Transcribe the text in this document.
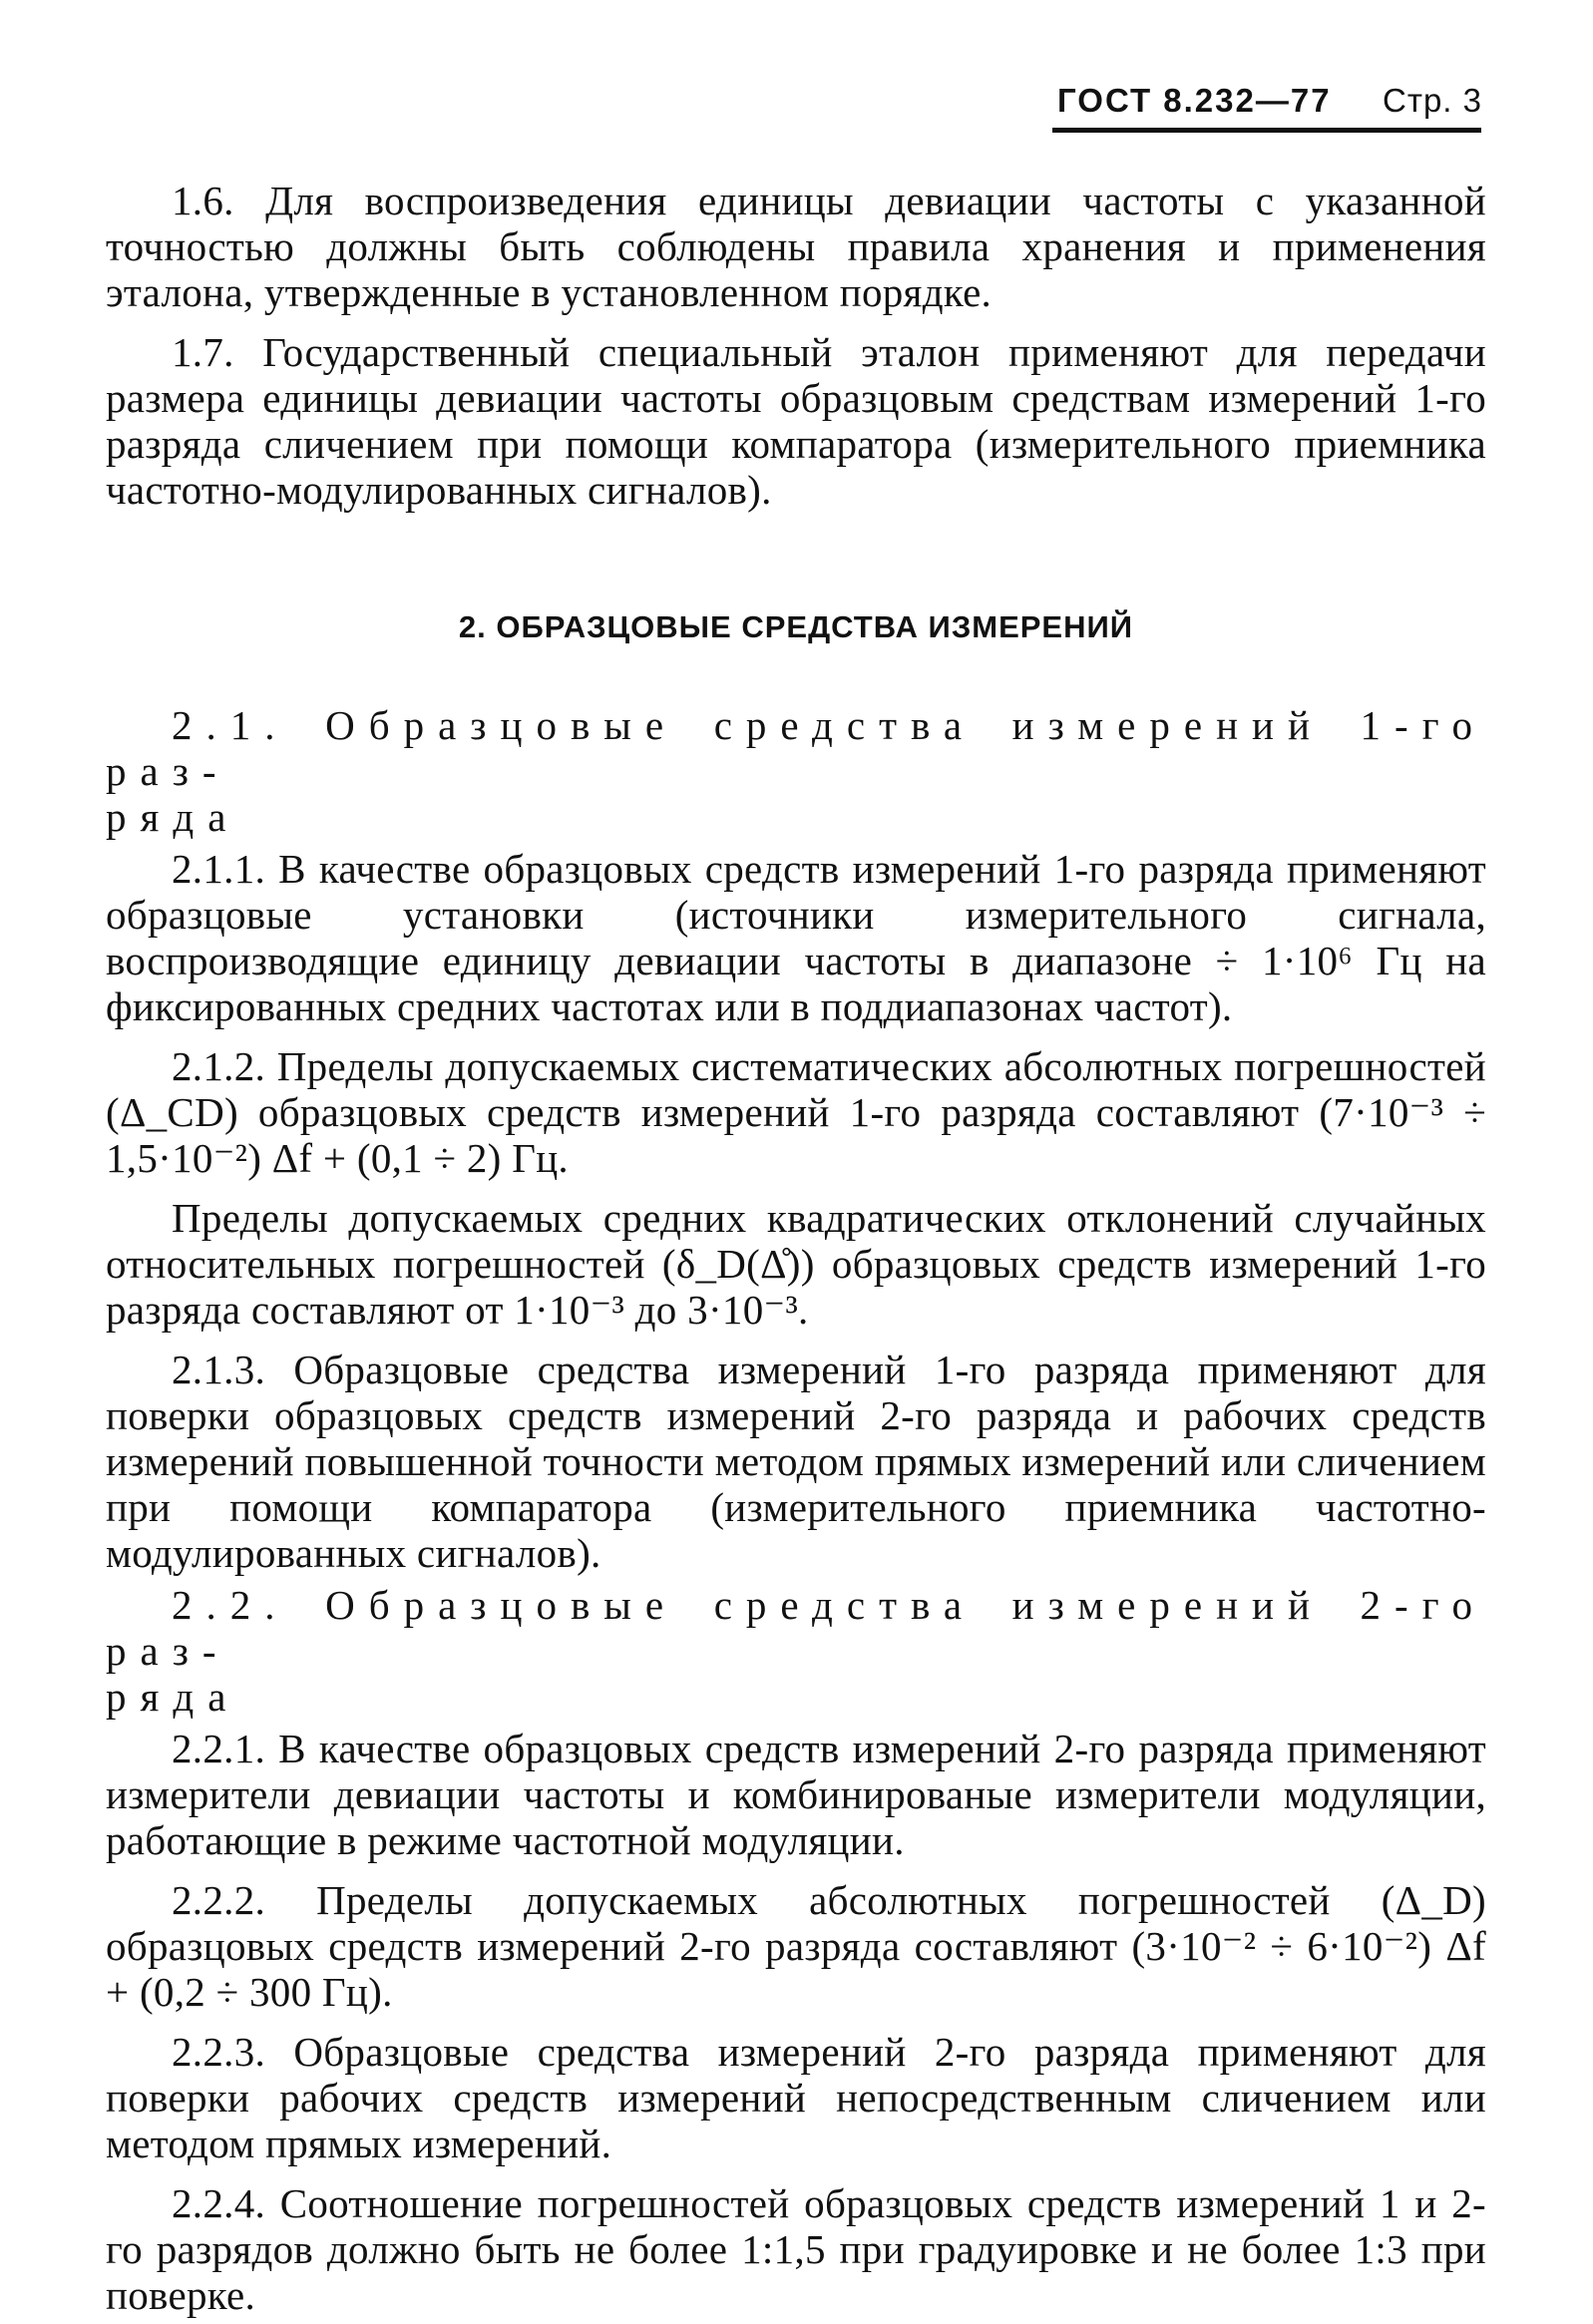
ГОСТ 8.232—77 Стр. 3

1.6. Для воспроизведения единицы девиации частоты с указанной точностью должны быть соблюдены правила хранения и применения эталона, утвержденные в установленном порядке.

1.7. Государственный специальный эталон применяют для передачи размера единицы девиации частоты образцовым средствам измерений 1-го разряда сличением при помощи компаратора (измерительного приемника частотно-модулированных сигналов).

2. ОБРАЗЦОВЫЕ СРЕДСТВА ИЗМЕРЕНИЙ

2.1. Образцовые средства измерений 1-го раз-

ряда

2.1.1. В качестве образцовых средств измерений 1-го разряда применяют образцовые установки (источники измерительного сигнала, воспроизводящие единицу девиации частоты в диапазоне ÷ 1·10⁶ Гц на фиксированных средних частотах или в поддиапазонах частот).

2.1.2. Пределы допускаемых систематических абсолютных погрешностей (Δ_CD) образцовых средств измерений 1-го разряда составляют (7·10⁻³ ÷ 1,5·10⁻²) Δf + (0,1 ÷ 2) Гц.

Пределы допускаемых средних квадратических отклонений случайных относительных погрешностей (δ_D(Δ̊)) образцовых средств измерений 1-го разряда составляют от 1·10⁻³ до 3·10⁻³.

2.1.3. Образцовые средства измерений 1-го разряда применяют для поверки образцовых средств измерений 2-го разряда и рабочих средств измерений повышенной точности методом прямых измерений или сличением при помощи компаратора (измерительного приемника частотно-модулированных сигналов).

2.2. Образцовые средства измерений 2-го раз-

ряда

2.2.1. В качестве образцовых средств измерений 2-го разряда применяют измерители девиации частоты и комбинированые измерители модуляции, работающие в режиме частотной модуляции.

2.2.2. Пределы допускаемых абсолютных погрешностей (Δ_D) образцовых средств измерений 2-го разряда составляют (3·10⁻² ÷ 6·10⁻²) Δf + (0,2 ÷ 300 Гц).

2.2.3. Образцовые средства измерений 2-го разряда применяют для поверки рабочих средств измерений непосредственным сличением или методом прямых измерений.

2.2.4. Соотношение погрешностей образцовых средств измерений 1 и 2-го разрядов должно быть не более 1:1,5 при градуировке и не более 1:3 при поверке.
